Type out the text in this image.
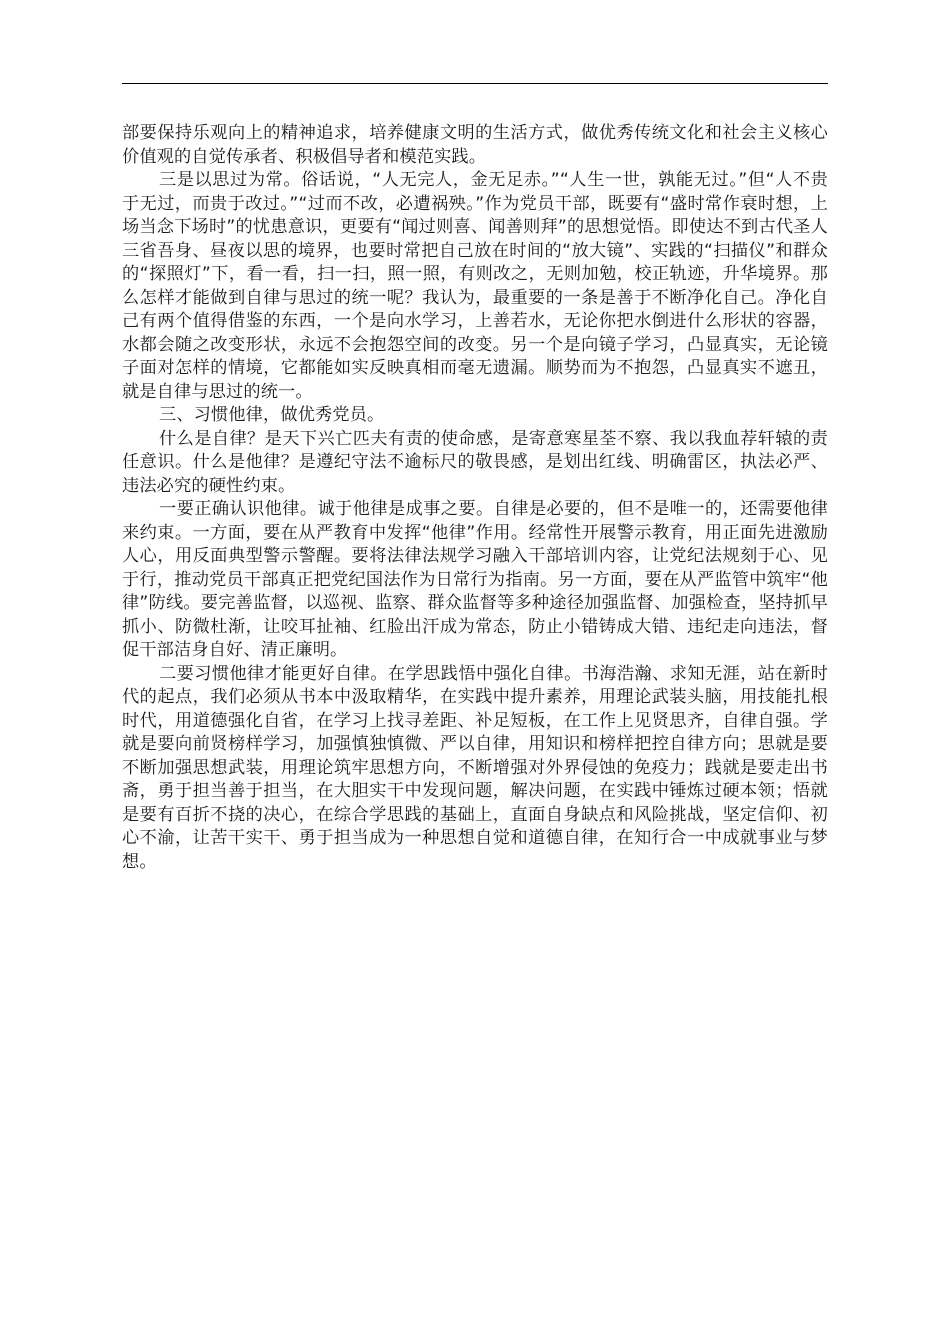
部要保持乐观向上的精神追求，培养健康文明的生活方式，做优秀传统文化和社会主义核心价值观的自觉传承者、积极倡导者和模范实践。

三是以思过为常。俗话说，“人无完人，金无足赤。”“人生一世，孰能无过。”但“人不贵于无过，而贵于改过。”“过而不改，必遭祸殃。”作为党员干部，既要有“盛时常作衰时想，上场当念下场时”的忧患意识，更要有“闻过则喜、闻善则拜”的思想觉悟。即使达不到古代圣人三省吾身、昼夜以思的境界，也要时常把自己放在时间的“放大镜”、实践的“扫描仪”和群众的“探照灯”下，看一看，扫一扫，照一照，有则改之，无则加勉，校正轨迹，升华境界。那么怎样才能做到自律与思过的统一呢？我认为，最重要的一条是善于不断净化自己。净化自己有两个值得借鉴的东西，一个是向水学习，上善若水，无论你把水倒进什么形状的容器，水都会随之改变形状，永远不会抱怨空间的改变。另一个是向镜子学习，凸显真实，无论镜子面对怎样的情境，它都能如实反映真相而毫无遗漏。顺势而为不抱怨，凸显真实不遮丑，就是自律与思过的统一。

三、习惯他律，做优秀党员。

什么是自律？是天下兴亡匹夫有责的使命感，是寄意寒星荃不察、我以我血荐轩辕的责任意识。什么是他律？是遵纪守法不逾标尺的敬畏感，是划出红线、明确雷区，执法必严、违法必究的硬性约束。

一要正确认识他律。诚于他律是成事之要。自律是必要的，但不是唯一的，还需要他律来约束。一方面，要在从严教育中发挥“他律”作用。经常性开展警示教育，用正面先进激励人心，用反面典型警示警醒。要将法律法规学习融入干部培训内容，让党纪法规刻于心、见于行，推动党员干部真正把党纪国法作为日常行为指南。另一方面，要在从严监管中筑牢“他律”防线。要完善监督，以巡视、监察、群众监督等多种途径加强监督、加强检查，坚持抓早抓小、防微杜渐，让咬耳扯袖、红脸出汗成为常态，防止小错铸成大错、违纪走向违法，督促干部洁身自好、清正廉明。

二要习惯他律才能更好自律。在学思践悟中强化自律。书海浩瀚、求知无涯，站在新时代的起点，我们必须从书本中汲取精华，在实践中提升素养，用理论武装头脑，用技能扎根时代，用道德强化自省，在学习上找寻差距、补足短板，在工作上见贤思齐，自律自强。学就是要向前贤榜样学习，加强慎独慎微、严以自律，用知识和榜样把控自律方向；思就是要不断加强思想武装，用理论筑牢思想方向，不断增强对外界侵蚀的免疫力；践就是要走出书斋，勇于担当善于担当，在大胆实干中发现问题，解决问题，在实践中锤炼过硬本领；悟就是要有百折不挠的决心，在综合学思践的基础上，直面自身缺点和风险挑战，坚定信仰、初心不渝，让苦干实干、勇于担当成为一种思想自觉和道德自律，在知行合一中成就事业与梦想。
